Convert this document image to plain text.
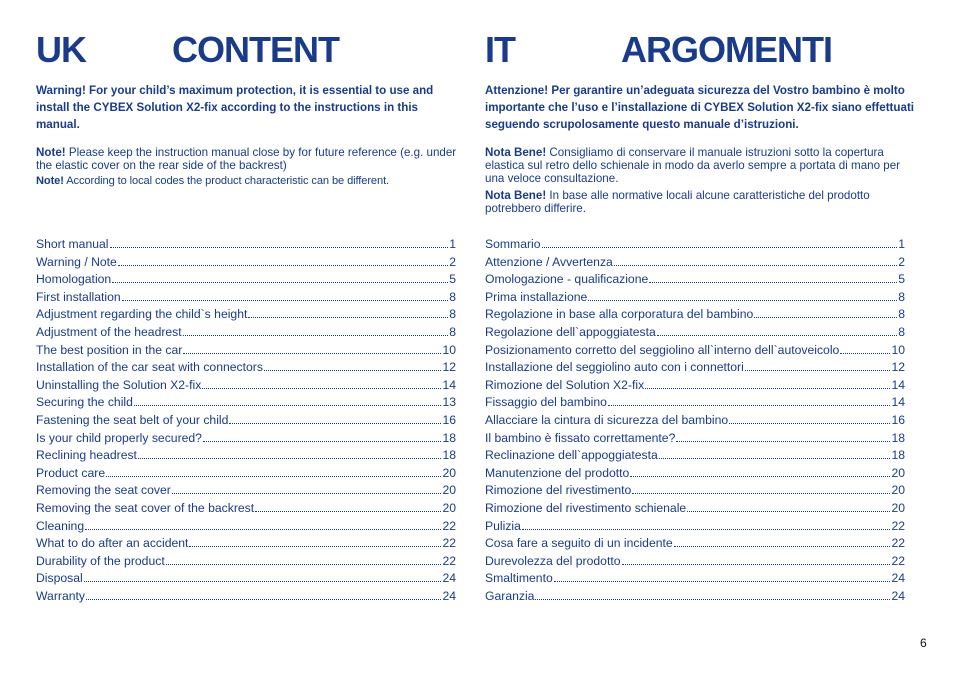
UK CONTENT

Warning! For your child’s maximum protection, it is essential to use and install the CYBEX Solution X2-fix according to the instructions in this manual.

Note! Please keep the instruction manual close by for future reference (e.g. under the elastic cover on the rear side of the backrest)

Note! According to local codes the product characteristic can be different.

Short manual	1
Warning / Note	2
Homologation	5
First installation	8
Adjustment regarding the child`s height	8
Adjustment of the headrest	8
The best position in the car	10
Installation of the car seat with connectors	12
Uninstalling the Solution X2-fix	14
Securing the child	13
Fastening the seat belt of your child	16
Is your child properly secured?	18
Reclining headrest	18
Product care	20
Removing the seat cover	20
Removing the seat cover of the backrest	20
Cleaning	22
What to do after an accident	22
Durability of the product	22
Disposal	24
Warranty	24
IT	ARGOMENTI

Attenzione! Per garantire un’adeguata sicurezza del Vostro bambino è molto importante che l’uso e l’installazione di CYBEX Solution X2-fix siano effettuati seguendo scrupolosamente questo manuale d’istruzioni.

Nota Bene! Consigliamo di conservare il manuale istruzioni sotto la copertura elastica sul retro dello schienale in modo da averlo sempre a portata di mano per una veloce consultazione.

Nota Bene! In base alle normative locali alcune caratteristiche del prodotto potrebbero differire.

Sommario	1
Attenzione / Avvertenza	2
Omologazione - qualificazione	5
Prima installazione	8
Regolazione in base alla corporatura del bambino	8
Regolazione dell`appoggiatesta	8
Posizionamento corretto del seggiolino all`interno dell`autoveicolo	10
Installazione del seggiolino auto con i connettori	12
Rimozione del Solution X2-fix	14
Fissaggio del bambino	14
Allacciare la cintura di sicurezza del bambino	16
Il bambino è fissato correttamente?	18
Reclinazione dell`appoggiatesta	18
Manutenzione del prodotto	20
Rimozione del rivestimento	20
Rimozione del rivestimento schienale	20
Pulizia	22
Cosa fare a seguito di un incidente	22
Durevolezza del prodotto	22
Smaltimento	24
Garanzia	24
6
